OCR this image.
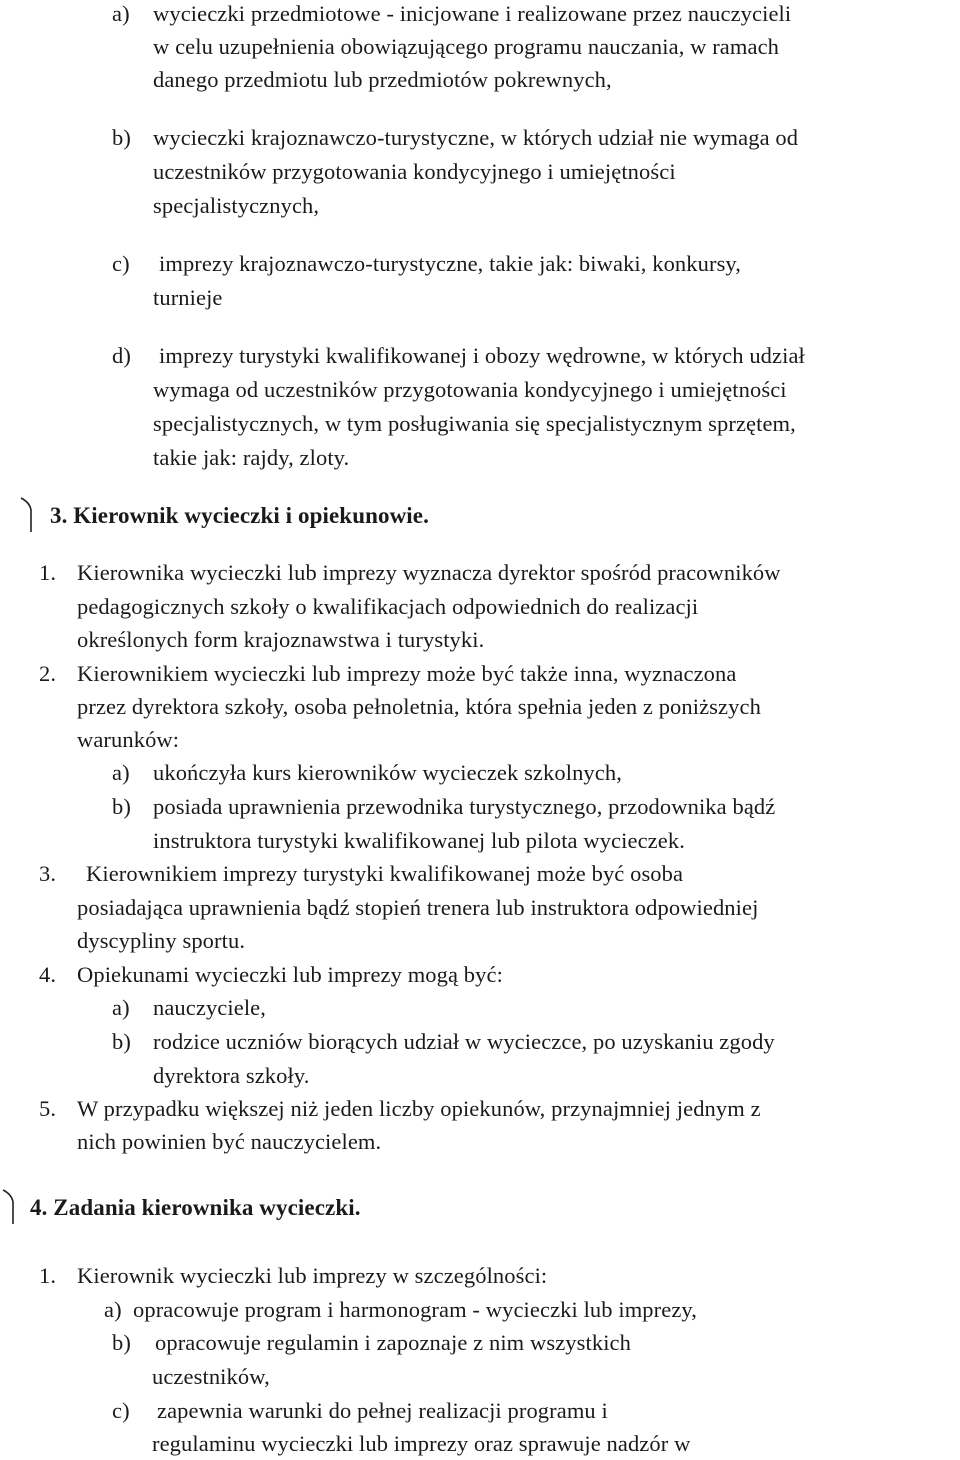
a) wycieczki przedmiotowe - inicjowane i realizowane przez nauczycieli
w celu uzupełnienia obowiązującego programu nauczania, w ramach
danego przedmiotu lub przedmiotów pokrewnych,
b) wycieczki krajoznawczo-turystyczne, w których udział nie wymaga od
uczestników przygotowania kondycyjnego i umiejętności
specjalistycznych,
c) imprezy krajoznawczo-turystyczne, takie jak: biwaki, konkursy,
turnieje
d) imprezy turystyki kwalifikowanej i obozy wędrowne, w których udział
wymaga od uczestników przygotowania kondycyjnego i umiejętności
specjalistycznych, w tym posługiwania się specjalistycznym sprzętem,
takie jak: rajdy, zloty.
3. Kierownik wycieczki i opiekunowie.
1. Kierownika wycieczki lub imprezy wyznacza dyrektor spośród pracowników
pedagogicznych szkoły o kwalifikacjach odpowiednich do realizacji
określonych form krajoznawstwa i turystyki.
2. Kierownikiem wycieczki lub imprezy może być także inna, wyznaczona
przez dyrektora szkoły, osoba pełnoletnia, która spełnia jeden z poniższych
warunków:
a) ukończyła kurs kierowników wycieczek szkolnych,
b) posiada uprawnienia przewodnika turystycznego, przodownika bądź
instruktora turystyki kwalifikowanej lub pilota wycieczek.
3. Kierownikiem imprezy turystyki kwalifikowanej może być osoba
posiadająca uprawnienia bądź stopień trenera lub instruktora odpowiedniej
dyscypliny sportu.
4. Opiekunami wycieczki lub imprezy mogą być:
a) nauczyciele,
b) rodzice uczniów biorących udział w wycieczce, po uzyskaniu zgody
dyrektora szkoły.
5. W przypadku większej niż jeden liczby opiekunów, przynajmniej jednym z
nich powinien być nauczycielem.
4. Zadania kierownika wycieczki.
1. Kierownik wycieczki lub imprezy w szczególności:
a) opracowuje program i harmonogram - wycieczki lub imprezy,
b) opracowuje regulamin i zapoznaje z nim wszystkich
uczestników,
c) zapewnia warunki do pełnej realizacji programu i
regulaminu wycieczki lub imprezy oraz sprawuje nadzór w
